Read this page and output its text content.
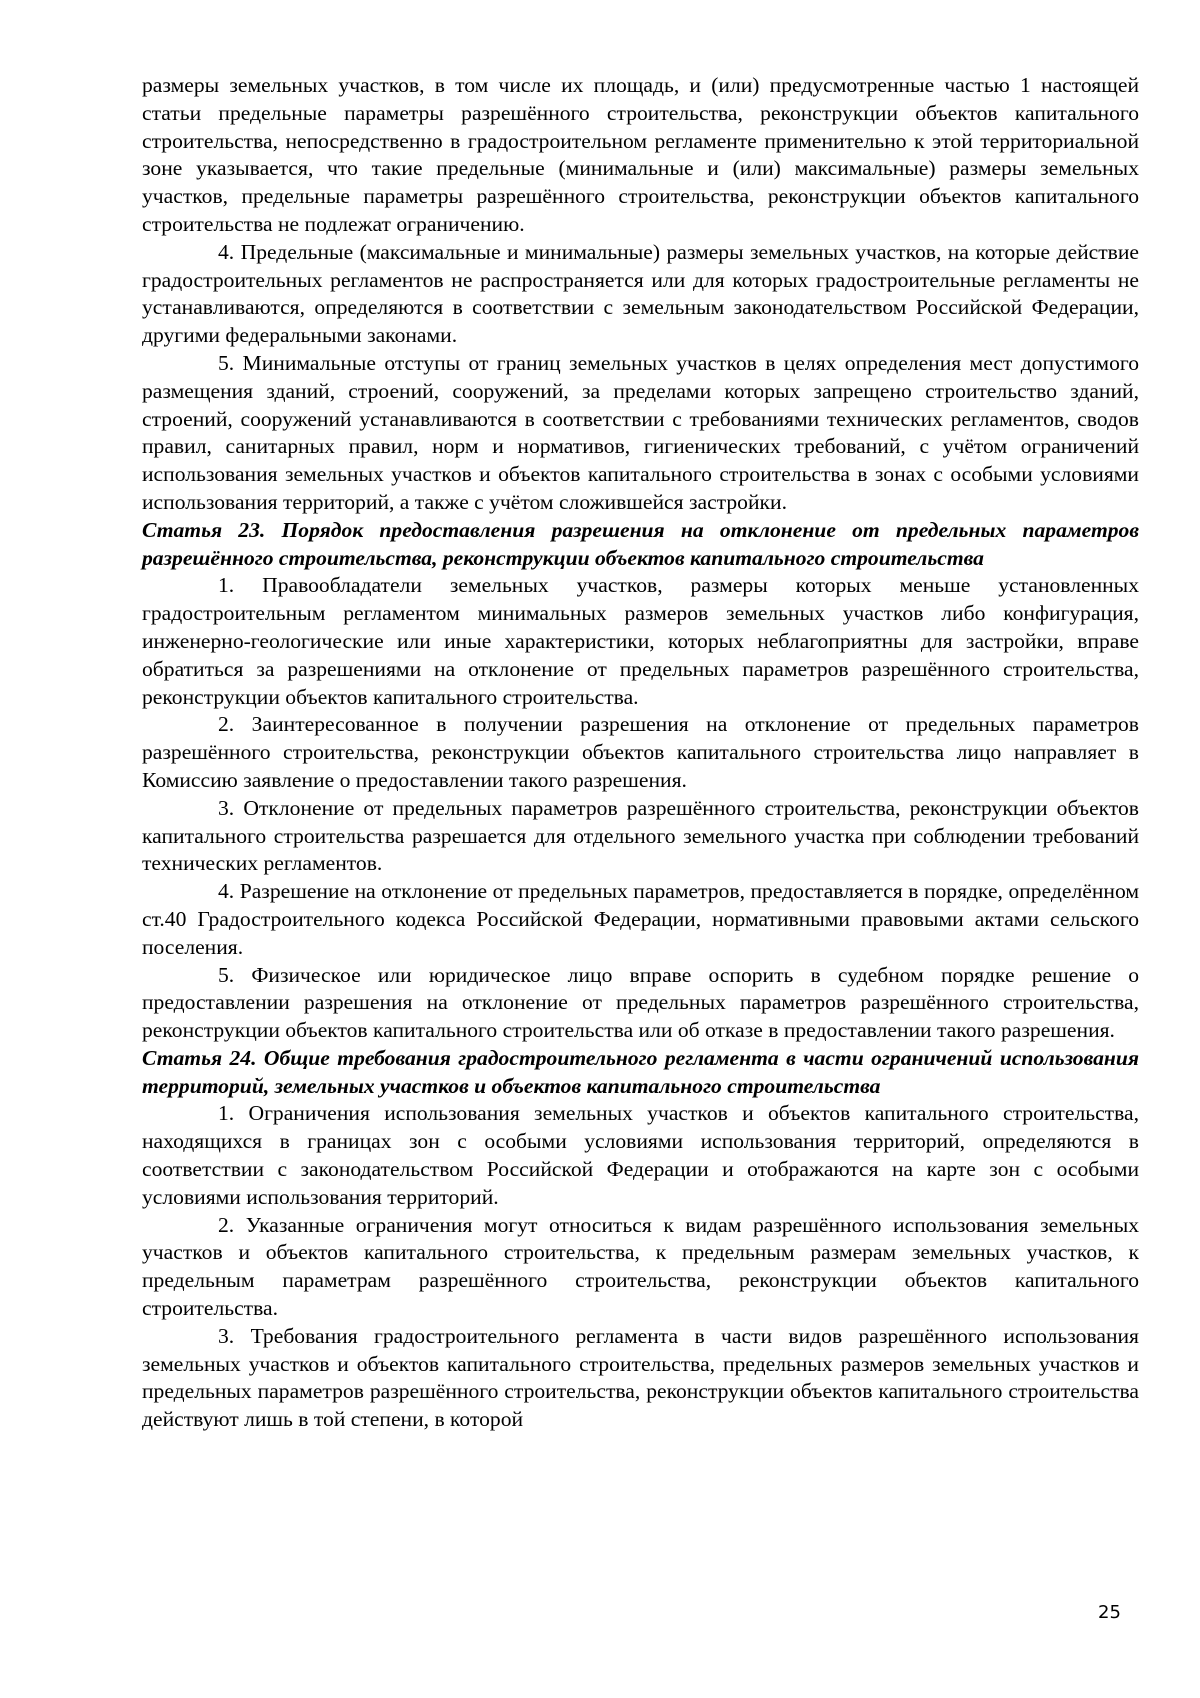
размеры земельных участков, в том числе их площадь, и (или) предусмотренные частью 1 настоящей статьи предельные параметры разрешённого строительства, реконструкции объектов капитального строительства, непосредственно в градостроительном регламенте применительно к этой территориальной зоне указывается, что такие предельные (минимальные и (или) максимальные) размеры земельных участков, предельные параметры разрешённого строительства, реконструкции объектов капитального строительства не подлежат ограничению.

4. Предельные (максимальные и минимальные) размеры земельных участков, на которые действие градостроительных регламентов не распространяется или для которых градостроительные регламенты не устанавливаются, определяются в соответствии с земельным законодательством Российской Федерации, другими федеральными законами.

5. Минимальные отступы от границ земельных участков в целях определения мест допустимого размещения зданий, строений, сооружений, за пределами которых запрещено строительство зданий, строений, сооружений устанавливаются в соответствии с требованиями технических регламентов, сводов правил, санитарных правил, норм и нормативов, гигиенических требований, с учётом ограничений использования земельных участков и объектов капитального строительства в зонах с особыми условиями использования территорий, а также с учётом сложившейся застройки.

Статья 23. Порядок предоставления разрешения на отклонение от предельных параметров разрешённого строительства, реконструкции объектов капитального строительства

1. Правообладатели земельных участков, размеры которых меньше установленных градостроительным регламентом минимальных размеров земельных участков либо конфигурация, инженерно-геологические или иные характеристики, которых неблагоприятны для застройки, вправе обратиться за разрешениями на отклонение от предельных параметров разрешённого строительства, реконструкции объектов капитального строительства.

2. Заинтересованное в получении разрешения на отклонение от предельных параметров разрешённого строительства, реконструкции объектов капитального строительства лицо направляет в Комиссию заявление о предоставлении такого разрешения.

3. Отклонение от предельных параметров разрешённого строительства, реконструкции объектов капитального строительства разрешается для отдельного земельного участка при соблюдении требований технических регламентов.

4. Разрешение на отклонение от предельных параметров, предоставляется в порядке, определённом ст.40 Градостроительного кодекса Российской Федерации, нормативными правовыми актами сельского поселения.

5. Физическое или юридическое лицо вправе оспорить в судебном порядке решение о предоставлении разрешения на отклонение от предельных параметров разрешённого строительства, реконструкции объектов капитального строительства или об отказе в предоставлении такого разрешения.

Статья 24. Общие требования градостроительного регламента в части ограничений использования территорий, земельных участков и объектов капитального строительства

1. Ограничения использования земельных участков и объектов капитального строительства, находящихся в границах зон с особыми условиями использования территорий, определяются в соответствии с законодательством Российской Федерации и отображаются на карте зон с особыми условиями использования территорий.

2. Указанные ограничения могут относиться к видам разрешённого использования земельных участков и объектов капитального строительства, к предельным размерам земельных участков, к предельным параметрам разрешённого строительства, реконструкции объектов капитального строительства.

3. Требования градостроительного регламента в части видов разрешённого использования земельных участков и объектов капитального строительства, предельных размеров земельных участков и предельных параметров разрешённого строительства, реконструкции объектов капитального строительства действуют лишь в той степени, в которой

25
